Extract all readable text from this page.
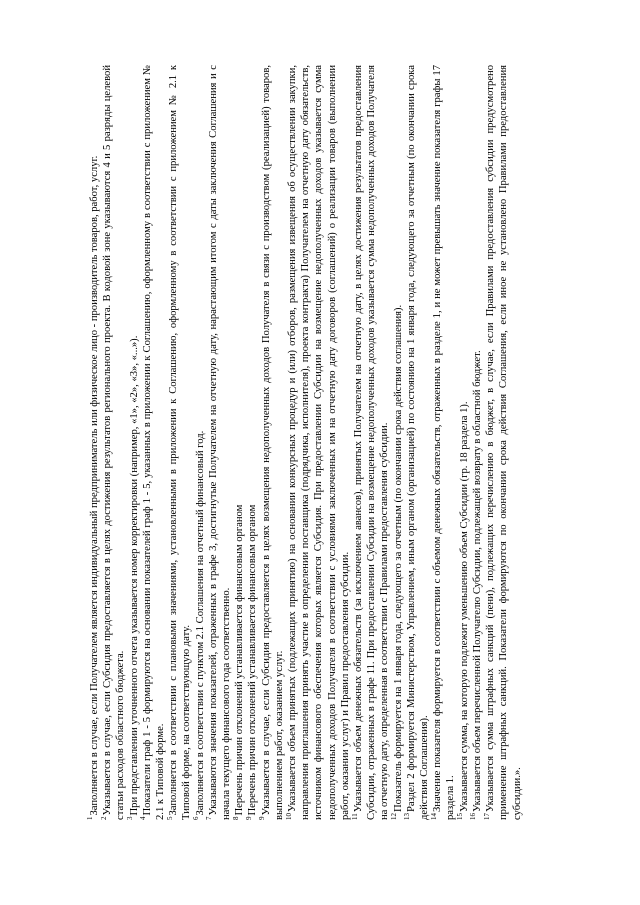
$^1$Заполняется в случае, если Получателем является индивидуальный предприниматель или физическое лицо - производитель товаров, работ, услуг.

$^2$Указывается в случае, если Субсидия предоставляется в целях достижения результатов регионального проекта. В кодовой зоне указываются 4 и 5 разряды целевой статьи расходов областного бюджета. $^3$При представлении уточненного отчета указывается номер корректировки (например, «1», «2», «3», «...»).

$^4$Показатели граф 1 - 5 формируются на основании показателей граф 1 - 5, указанных в приложении к Соглашению, оформленному в соответствии с приложением № 2.1 к Типовой форме. $^5$Заполняется в соответствии с плановыми значениями, установленными в приложении к Соглашению, оформленному в соответствии с приложением № 2.1 к Типовой форме, на соответствующую дату. $^6$Заполняется в соответствии с пунктом 2.1 Соглашения на отчетный финансовый год.

$^7$Указываются значения показателей, отраженных в графе 3, достигнутые Получателем на отчетную дату, нарастающим итогом с даты заключения Соглашения и с начала текущего финансового года соответственно. $^8$Перечень причин отклонений устанавливается финансовым органом

$^9$Перечень причин отклонений устанавливается финансовым органом

$^9$Указывается в случае, если Субсидия предоставляется в целях возмещения недополученных доходов Получателя в связи с производством (реализацией) товаров, выполнением работ, оказанием услуг. $^{10}$Указывается объем принятых (подлежащих принятию) на основании конкурсных процедур и (или) отборов, размещения извещения об осуществлении закупки, направления приглашения принять участие в определении поставщика (подрядчика, исполнителя), проекта контракта) Получателем на отчетную дату обязательств, источником финансового обеспечения которых является Субсидия. При предоставлении Субсидии на возмещение недополученных доходов указывается сумма недополученных доходов Получателя в соответствии с условиями заключенных им на отчетную дату договоров (соглашений) о реализации товаров (выполнении работ, оказании услуг) и Правил предоставления субсидии. $^{11}$Указывается объем денежных обязательств (за исключением авансов), принятых Получателем на отчетную дату, в целях достижения результатов предоставления Субсидии, отраженных в графе 11. При предоставлении Субсидии на возмещение недополученных доходов указывается сумма недополученных доходов Получателя на отчетную дату, определенная в соответствии с Правилами предоставления субсидии. $^{12}$Показатель формируется на 1 января года, следующего за отчетным (по окончании срока действия соглашения).

$^{13}$Раздел 2 формируется Министерством, Управлением, иным органом (организацией) по состоянию на 1 января года, следующего за отчетным (по окончании срока действия Соглашения). $^{14}$Значение показателя формируется в соответствии с объемом денежных обязательств, отраженных в разделе 1, и не может превышать значение показателя графы 17 раздела 1. $^{15}$Указывается сумма, на которую подлежит уменьшению объем Субсидии (гр. 18 раздела 1).

$^{16}$Указывается объем перечисленной Получателю Субсидии, подлежащей возврату в областной бюджет.

$^{17}$Указывается сумма штрафных санкций (пени), подлежащих перечислению в бюджет, в случае, если Правилами предоставления субсидии предусмотрено применение штрафных санкций. Показатели формируются по окончании срока действия Соглашения, если иное не установлено Правилами предоставления субсидии.».
